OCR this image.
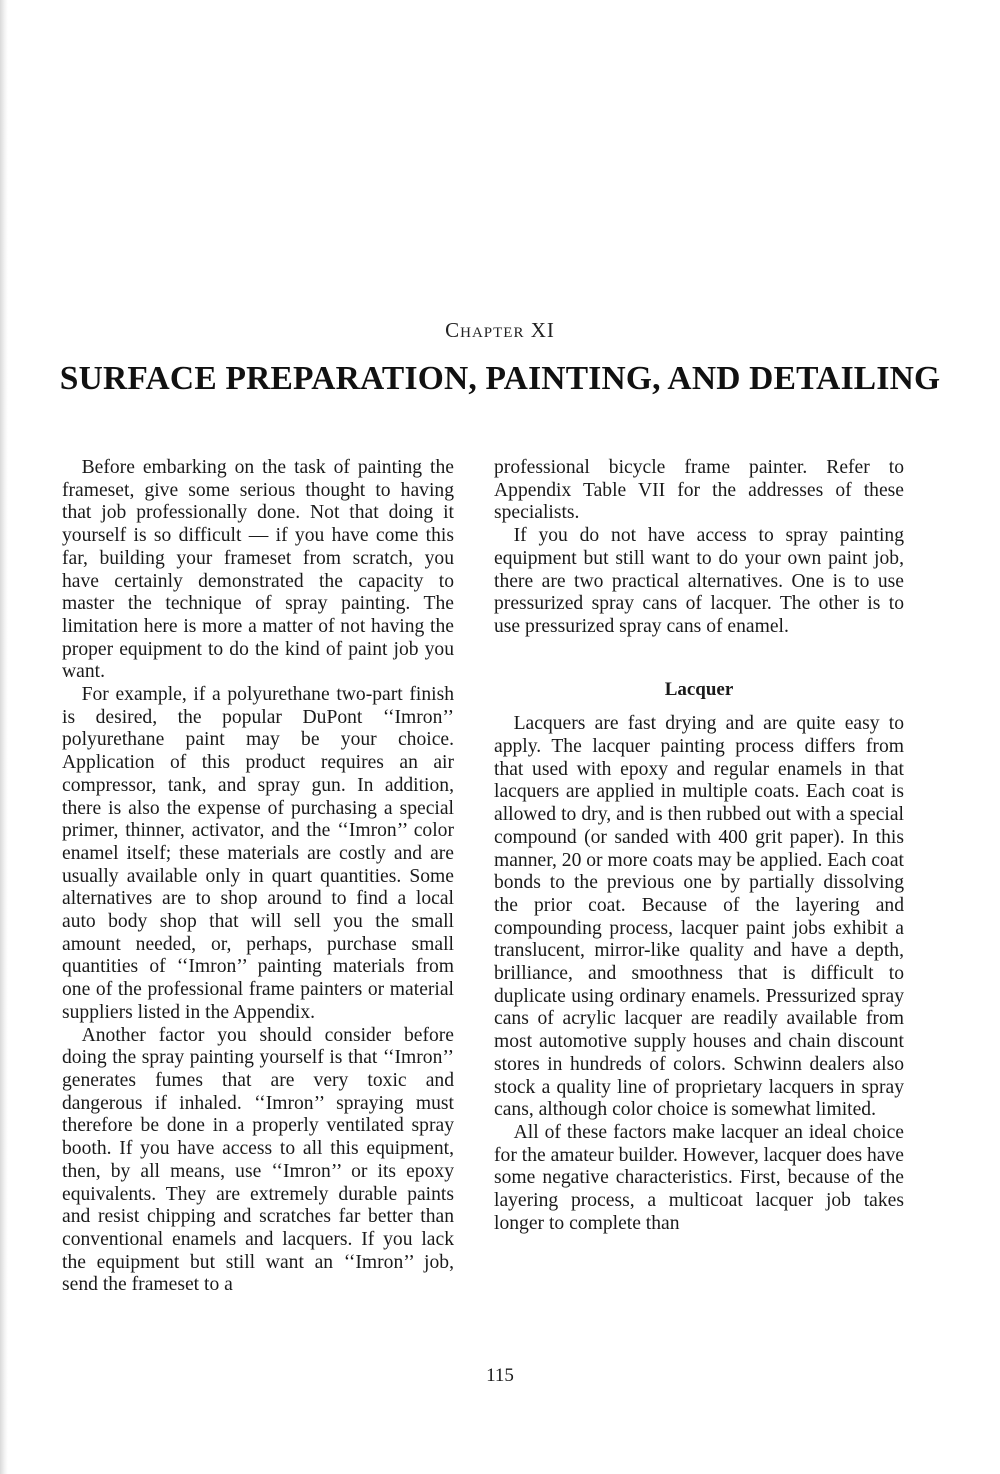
Chapter XI
SURFACE PREPARATION, PAINTING, AND DETAILING

Before embarking on the task of painting the frameset, give some serious thought to having that job professionally done. Not that doing it yourself is so difficult — if you have come this far, building your frameset from scratch, you have certainly demonstrated the capacity to master the technique of spray painting. The limitation here is more a matter of not having the proper equipment to do the kind of paint job you want.

For example, if a polyurethane two-part finish is desired, the popular DuPont ‘‘Imron’’ polyurethane paint may be your choice. Application of this product requires an air compressor, tank, and spray gun. In addition, there is also the expense of purchasing a special primer, thinner, activator, and the ‘‘Imron’’ color enamel itself; these materials are costly and are usually available only in quart quantities. Some alternatives are to shop around to find a local auto body shop that will sell you the small amount needed, or, perhaps, purchase small quantities of ‘‘Imron’’ painting materials from one of the professional frame painters or material suppliers listed in the Appendix.

Another factor you should consider before doing the spray painting yourself is that ‘‘Imron’’ generates fumes that are very toxic and dangerous if inhaled. ‘‘Imron’’ spraying must therefore be done in a properly ventilated spray booth. If you have access to all this equipment, then, by all means, use ‘‘Imron’’ or its epoxy equivalents. They are extremely durable paints and resist chipping and scratches far better than conventional enamels and lacquers. If you lack the equipment but still want an ‘‘Imron’’ job, send the frameset to a

professional bicycle frame painter. Refer to Appendix Table VII for the addresses of these specialists.

If you do not have access to spray painting equipment but still want to do your own paint job, there are two practical alternatives. One is to use pressurized spray cans of lacquer. The other is to use pressurized spray cans of enamel.

Lacquer

Lacquers are fast drying and are quite easy to apply. The lacquer painting process differs from that used with epoxy and regular enamels in that lacquers are applied in multiple coats. Each coat is allowed to dry, and is then rubbed out with a special compound (or sanded with 400 grit paper). In this manner, 20 or more coats may be applied. Each coat bonds to the previous one by partially dissolving the prior coat. Because of the layering and compounding process, lacquer paint jobs exhibit a translucent, mirror-like quality and have a depth, brilliance, and smoothness that is difficult to duplicate using ordinary enamels. Pressurized spray cans of acrylic lacquer are readily available from most automotive supply houses and chain discount stores in hundreds of colors. Schwinn dealers also stock a quality line of proprietary lacquers in spray cans, although color choice is somewhat limited.

All of these factors make lacquer an ideal choice for the amateur builder. However, lacquer does have some negative characteristics. First, because of the layering process, a multicoat lacquer job takes longer to complete than

115
